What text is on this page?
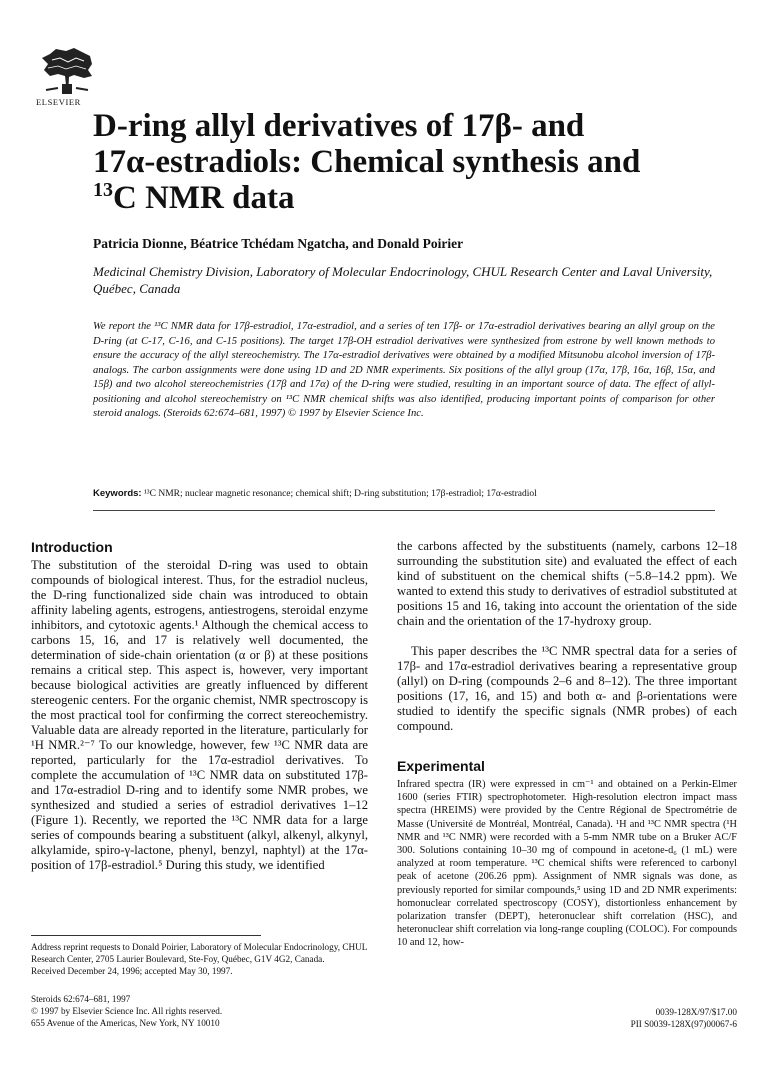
ELSEVIER
D-ring allyl derivatives of 17β- and
17α-estradiols: Chemical synthesis and
$^{13}$C NMR data
Patricia Dionne, Béatrice Tchédam Ngatcha, and Donald Poirier
Medicinal Chemistry Division, Laboratory of Molecular Endocrinology, CHUL Research Center and Laval University, Québec, Canada

We report the ¹³C NMR data for 17β-estradiol, 17α-estradiol, and a series of ten 17β- or 17α-estradiol derivatives bearing an allyl group on the D-ring (at C-17, C-16, and C-15 positions). The target 17β-OH estradiol derivatives were synthesized from estrone by well known methods to ensure the accuracy of the allyl stereochemistry. The 17α-estradiol derivatives were obtained by a modified Mitsunobu alcohol inversion of 17β-analogs. The carbon assignments were done using 1D and 2D NMR experiments. Six positions of the allyl group (17α, 17β, 16α, 16β, 15α, and 15β) and two alcohol stereochemistries (17β and 17α) of the D-ring were studied, resulting in an important source of data. The effect of allyl-positioning and alcohol stereochemistry on ¹³C NMR chemical shifts was also identified, producing important points of comparison for other steroid analogs. (Steroids 62:674–681, 1997) © 1997 by Elsevier Science Inc.

Keywords: ¹³C NMR; nuclear magnetic resonance; chemical shift; D-ring substitution; 17β-estradiol; 17α-estradiol
Introduction

The substitution of the steroidal D-ring was used to obtain compounds of biological interest. Thus, for the estradiol nucleus, the D-ring functionalized side chain was introduced to obtain affinity labeling agents, estrogens, antiestrogens, steroidal enzyme inhibitors, and cytotoxic agents.¹ Although the chemical access to carbons 15, 16, and 17 is relatively well documented, the determination of side-chain orientation (α or β) at these positions remains a critical step. This aspect is, however, very important because biological activities are greatly influenced by different stereogenic centers. For the organic chemist, NMR spectroscopy is the most practical tool for confirming the correct stereochemistry. Valuable data are already reported in the literature, particularly for ¹H NMR.²⁻⁷ To our knowledge, however, few ¹³C NMR data are reported, particularly for the 17α-estradiol derivatives. To complete the accumulation of ¹³C NMR data on substituted 17β- and 17α-estradiol D-ring and to identify some NMR probes, we synthesized and studied a series of estradiol derivatives 1–12 (Figure 1). Recently, we reported the ¹³C NMR data for a large series of compounds bearing a substituent (alkyl, alkenyl, alkynyl, alkylamide, spiro-γ-lactone, phenyl, benzyl, naphtyl) at the 17α-position of 17β-estradiol.⁵ During this study, we identified

Address reprint requests to Donald Poirier, Laboratory of Molecular Endocrinology, CHUL Research Center, 2705 Laurier Boulevard, Ste-Foy, Québec, G1V 4G2, Canada.

Received December 24, 1996; accepted May 30, 1997.

Steroids 62:674–681, 1997

© 1997 by Elsevier Science Inc. All rights reserved.

655 Avenue of the Americas, New York, NY 10010

the carbons affected by the substituents (namely, carbons 12–18 surrounding the substitution site) and evaluated the effect of each kind of substituent on the chemical shifts (−5.8–14.2 ppm). We wanted to extend this study to derivatives of estradiol substituted at positions 15 and 16, taking into account the orientation of the side chain and the orientation of the 17-hydroxy group.

This paper describes the ¹³C NMR spectral data for a series of 17β- and 17α-estradiol derivatives bearing a representative group (allyl) on D-ring (compounds 2–6 and 8–12). The three important positions (17, 16, and 15) and both α- and β-orientations were studied to identify the specific signals (NMR probes) of each compound.

Experimental

Infrared spectra (IR) were expressed in cm⁻¹ and obtained on a Perkin-Elmer 1600 (series FTIR) spectrophotometer. High-resolution electron impact mass spectra (HREIMS) were provided by the Centre Régional de Spectrométrie de Masse (Université de Montréal, Montréal, Canada). ¹H and ¹³C NMR spectra (¹H NMR and ¹³C NMR) were recorded with a 5-mm NMR tube on a Bruker AC/F 300. Solutions containing 10–30 mg of compound in acetone-d₆ (1 mL) were analyzed at room temperature. ¹³C chemical shifts were referenced to carbonyl peak of acetone (206.26 ppm). Assignment of NMR signals was done, as previously reported for similar compounds,⁵ using 1D and 2D NMR experiments: homonuclear correlated spectroscopy (COSY), distortionless enhancement by polarization transfer (DEPT), heteronuclear shift correlation (HSC), and heteronuclear shift correlation via long-range coupling (COLOC). For compounds 10 and 12, how-

0039-128X/97/$17.00

PII S0039-128X(97)00067-6
